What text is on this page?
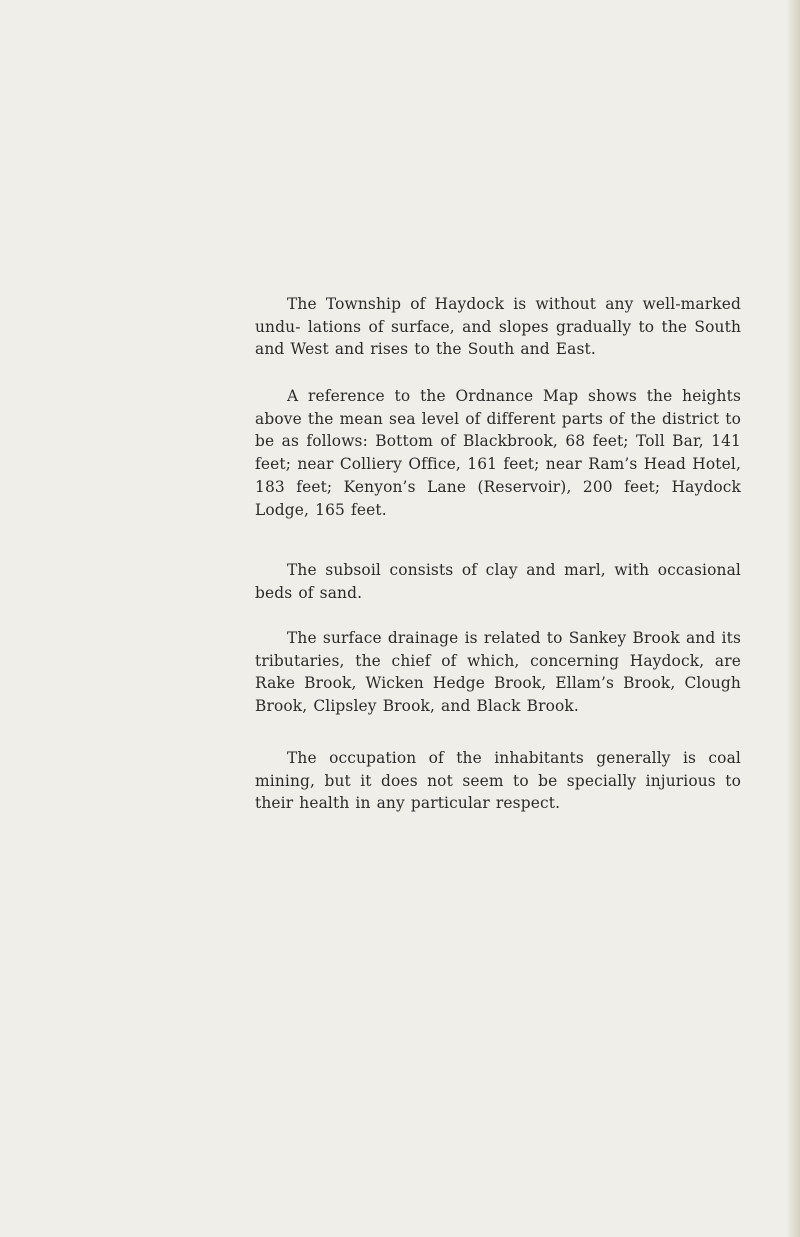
The Township of Haydock is without any well-marked undu- lations of surface, and slopes gradually to the South and West and rises to the South and East.

A reference to the Ordnance Map shows the heights above the mean sea level of different parts of the district to be as follows: Bottom of Blackbrook, 68 feet; Toll Bar, 141 feet; near Colliery Office, 161 feet; near Ram’s Head Hotel, 183 feet; Kenyon’s Lane (Reservoir), 200 feet; Haydock Lodge, 165 feet.

The subsoil consists of clay and marl, with occasional beds of sand.

The surface drainage is related to Sankey Brook and its tributaries, the chief of which, concerning Haydock, are Rake Brook, Wicken Hedge Brook, Ellam’s Brook, Clough Brook, Clipsley Brook, and Black Brook.

The occupation of the inhabitants generally is coal mining, but it does not seem to be specially injurious to their health in any particular respect.
